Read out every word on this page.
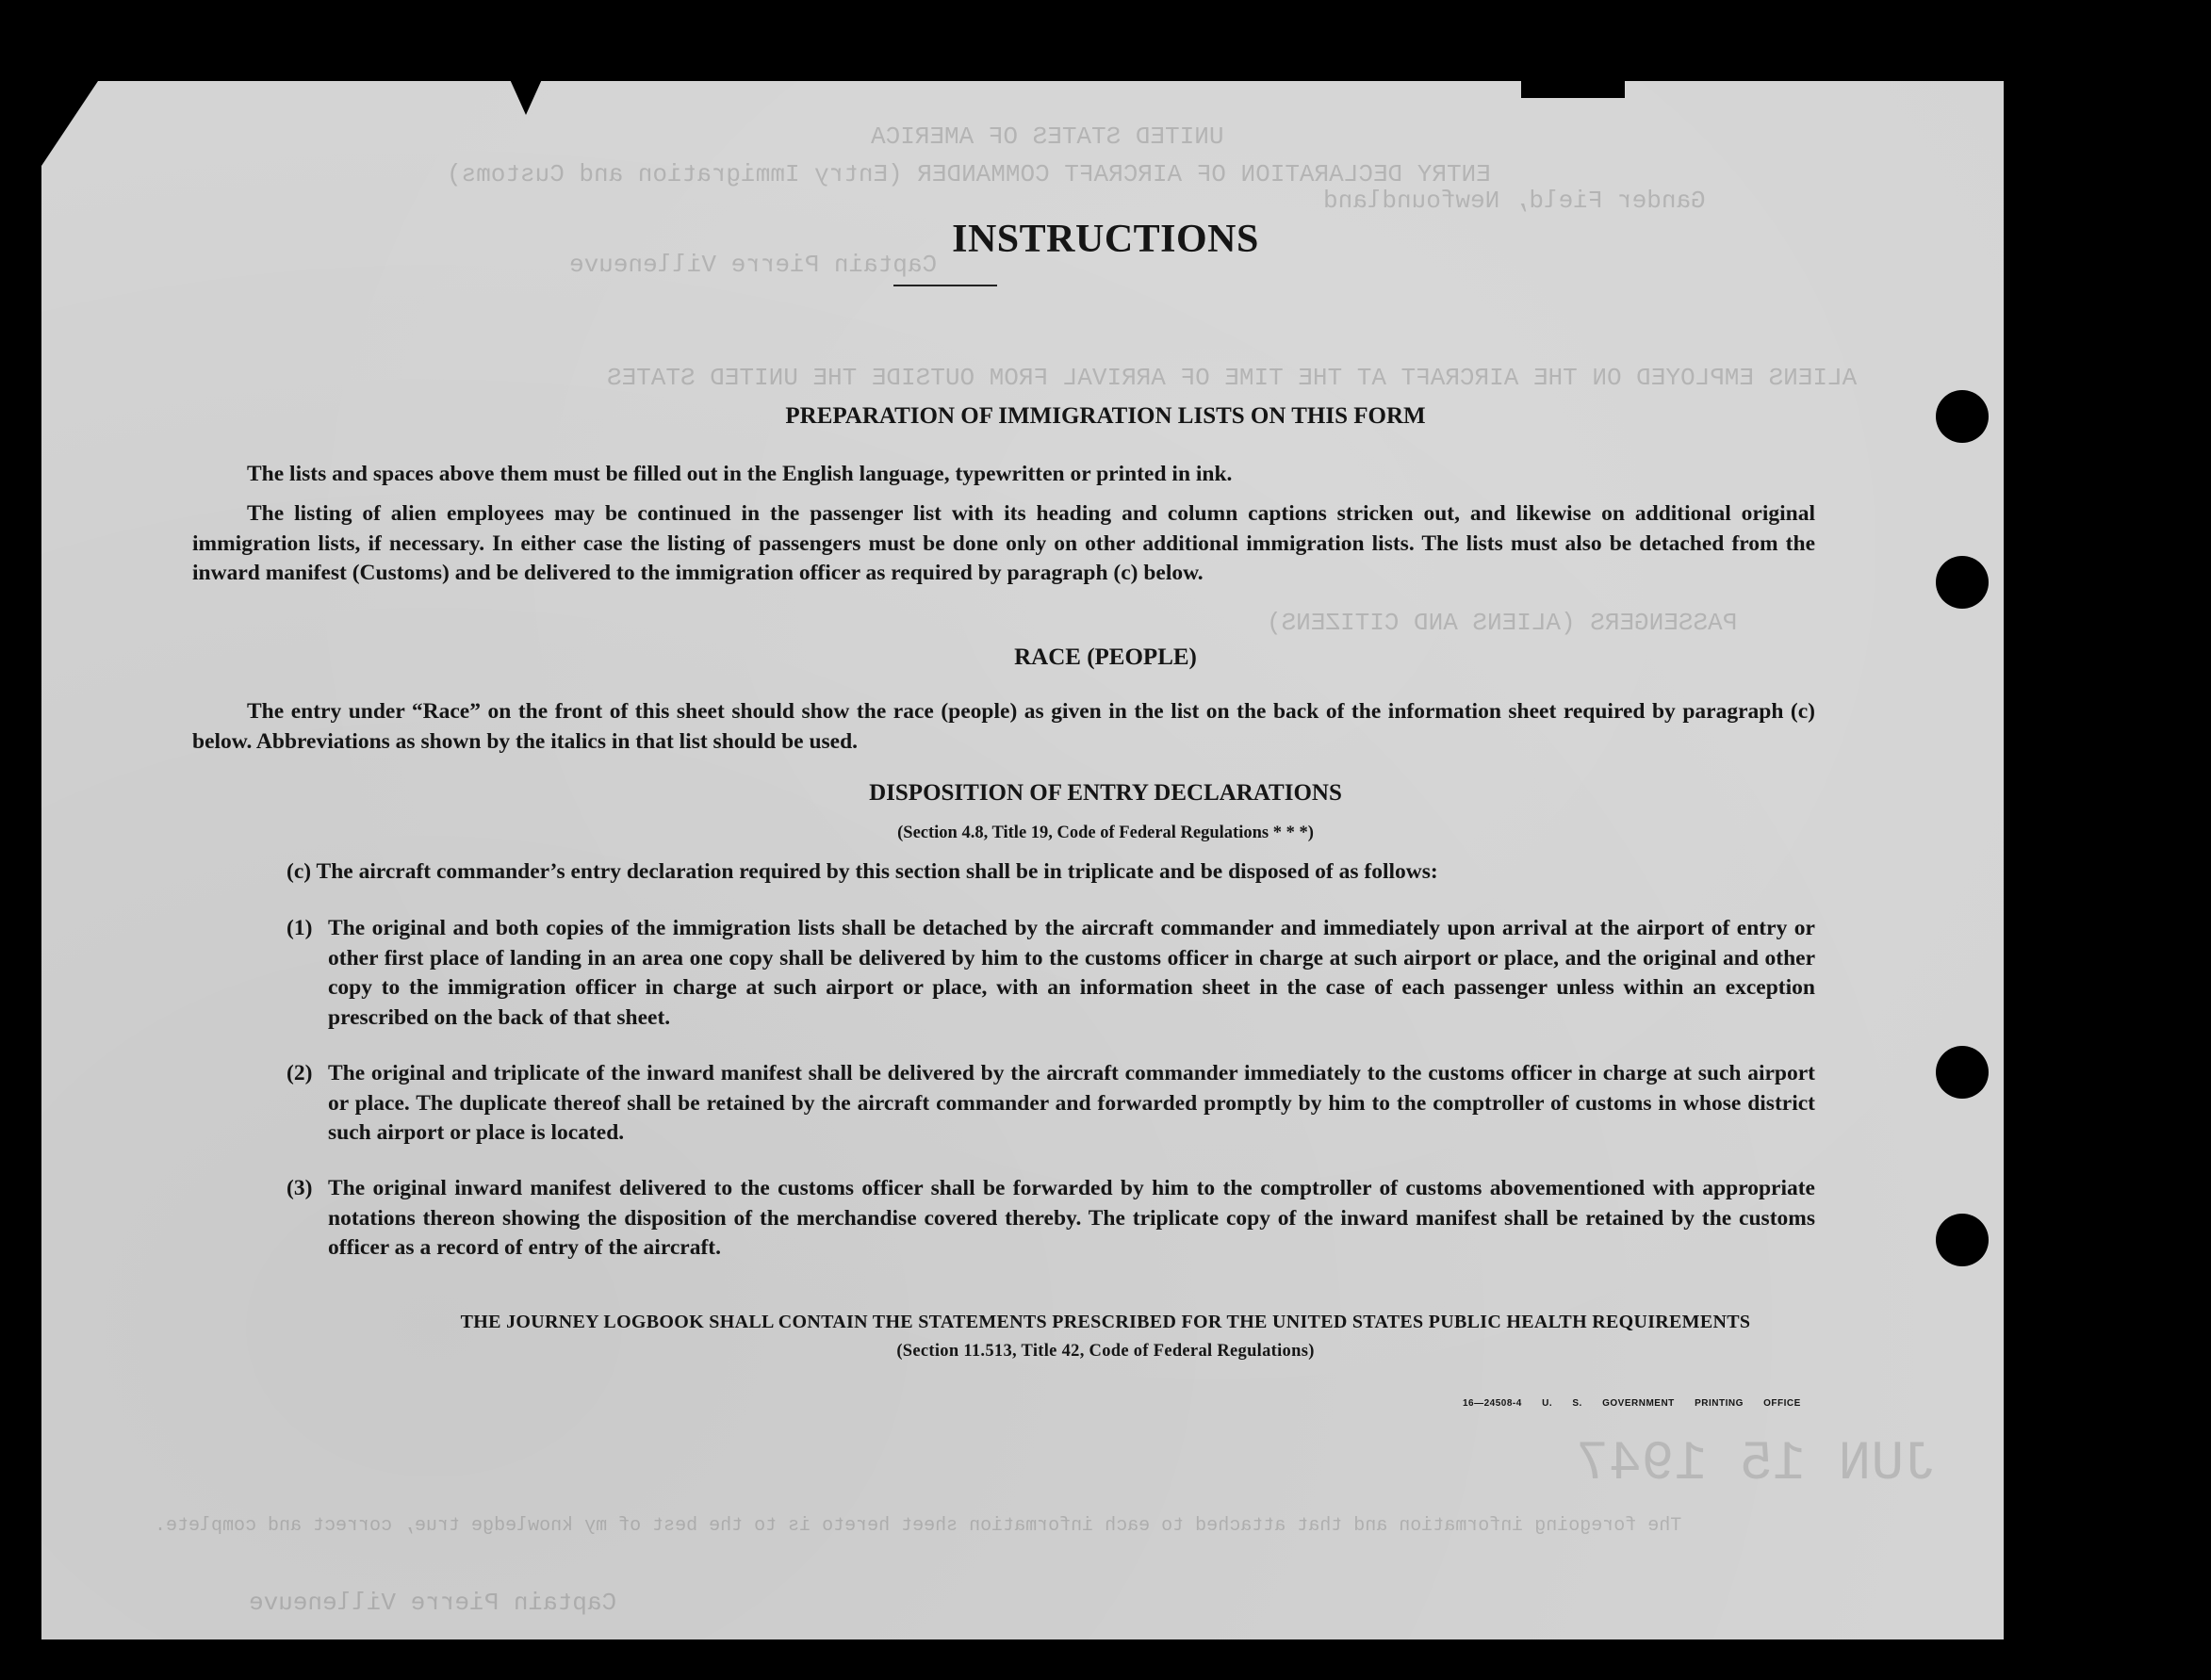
UNITED STATES OF AMERICA
ENTRY DECLARATION OF AIRCRAFT COMMANDER (Entry Immigration and Customs)
Gander Field, Newfoundland
Captain Pierre Villeneuve
ALIENS EMPLOYED ON THE AIRCRAFT AT THE TIME OF ARRIVAL FROM OUTSIDE THE UNITED STATES
PASSENGERS (ALIENS AND CITIZENS)
The foregoing information and that attached to each information sheet hereto is to the best of my knowledge true, correct and complete.
Captain Pierre Villeneuve
JUN 15 1947
INSTRUCTIONS
PREPARATION OF IMMIGRATION LISTS ON THIS FORM
The lists and spaces above them must be filled out in the English language, typewritten or printed in ink.
The listing of alien employees may be continued in the passenger list with its heading and column captions stricken out, and likewise on additional original immigration lists, if necessary. In either case the listing of passengers must be done only on other additional immigration lists. The lists must also be detached from the inward manifest (Customs) and be delivered to the immigration officer as required by paragraph (c) below.
RACE (PEOPLE)
The entry under “Race” on the front of this sheet should show the race (people) as given in the list on the back of the information sheet required by paragraph (c) below. Abbreviations as shown by the italics in that list should be used.
DISPOSITION OF ENTRY DECLARATIONS
(Section 4.8, Title 19, Code of Federal Regulations * * *)
(c) The aircraft commander’s entry declaration required by this section shall be in triplicate and be disposed of as follows:
(1) The original and both copies of the immigration lists shall be detached by the aircraft commander and immediately upon arrival at the airport of entry or other first place of landing in an area one copy shall be delivered by him to the customs officer in charge at such airport or place, and the original and other copy to the immigration officer in charge at such airport or place, with an information sheet in the case of each passenger unless within an exception prescribed on the back of that sheet.
(2) The original and triplicate of the inward manifest shall be delivered by the aircraft commander immediately to the customs officer in charge at such airport or place. The duplicate thereof shall be retained by the aircraft commander and forwarded promptly by him to the comptroller of customs in whose district such airport or place is located.
(3) The original inward manifest delivered to the customs officer shall be forwarded by him to the comptroller of customs abovementioned with appropriate notations thereon showing the disposition of the merchandise covered thereby. The triplicate copy of the inward manifest shall be retained by the customs officer as a record of entry of the aircraft.
THE JOURNEY LOGBOOK SHALL CONTAIN THE STATEMENTS PRESCRIBED FOR THE UNITED STATES PUBLIC HEALTH REQUIREMENTS
(Section 11.513, Title 42, Code of Federal Regulations)
16—24508-4 U. S. GOVERNMENT PRINTING OFFICE
